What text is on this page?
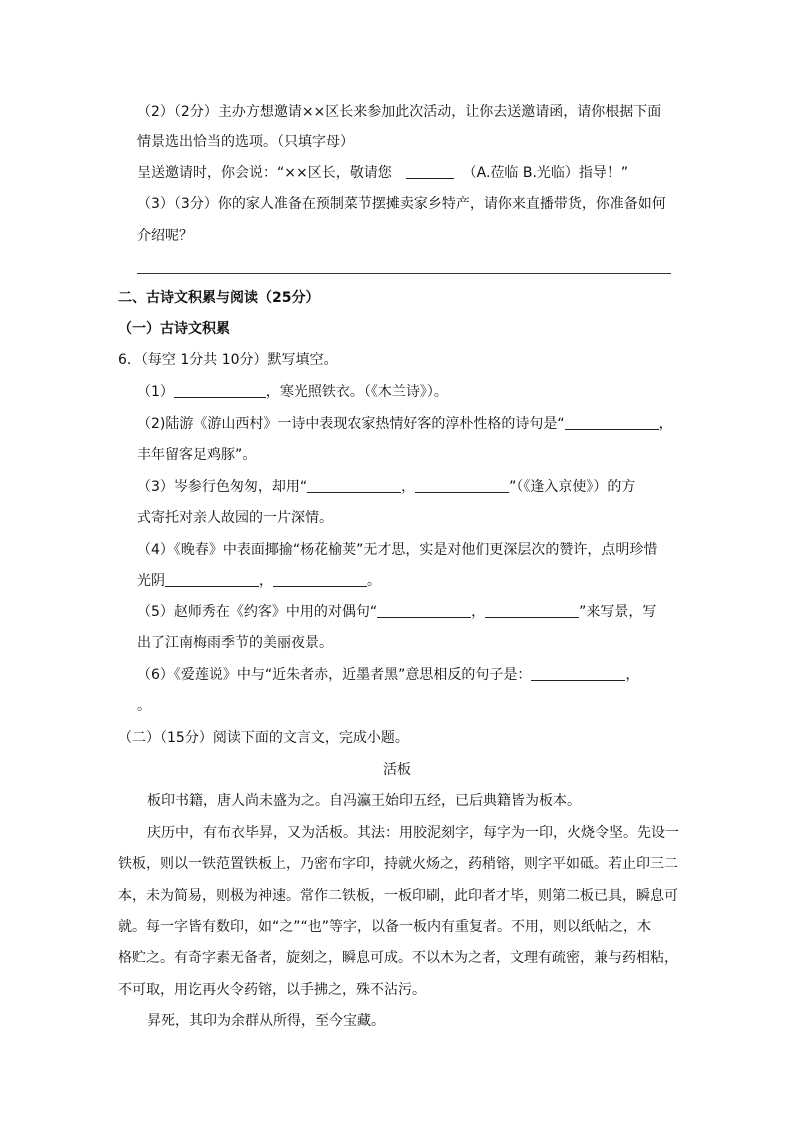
（2）（2分）主办方想邀请××区长来参加此次活动，让你去送邀请函，请你根据下面
情景选出恰当的选项。（只填字母）
呈送邀请时，你会说：“××区长，敬请您	（A.莅临 B.光临）指导！”
（3）（3分）你的家人准备在预制菜节摆摊卖家乡特产，请你来直播带货，你准备如何
介绍呢？
二、古诗文积累与阅读（25分）
（一）古诗文积累
6．（每空 1分共 10分）默写填空。
（1）	，寒光照铁衣。（《木兰诗》）。
（2)陆游《游山西村》一诗中表现农家热情好客的淳朴性格的诗句是“	，
丰年留客足鸡豚”。
（3）岑参行色匆匆，却用“	，	”（《逢入京使》）的方
式寄托对亲人故园的一片深情。
（4）《晚春》中表面揶揄“杨花榆荚”无才思，实是对他们更深层次的赞许，点明珍惜
光阴	，	。
（5）赵师秀在《约客》中用的对偶句“	，	”来写景，写
出了江南梅雨季节的美丽夜景。
（6）《爱莲说》中与“近朱者赤，近墨者黑”意思相反的句子是：	，
。
（二）（15分）阅读下面的文言文，完成小题。
活板
板印书籍，唐人尚未盛为之。自冯瀛王始印五经，已后典籍皆为板本。
庆历中，有布衣毕昇，又为活板。其法：用胶泥刻字，每字为一印，火烧令坚。先设一
铁板，则以一铁范置铁板上，乃密布字印，持就火炀之，药稍镕，则字平如砥。若止印三二
本，未为简易，则极为神速。常作二铁板，一板印刷，此印者才毕，则第二板已具，瞬息可
就。每一字皆有数印，如“之”“也”等字，以备一板内有重复者。不用，则以纸帖之，木
格贮之。有奇字素无备者，旋刻之，瞬息可成。不以木为之者，文理有疏密，兼与药相粘，
不可取，用讫再火令药镕，以手拂之，殊不沾污。
昇死，其印为余群从所得，至今宝藏。
